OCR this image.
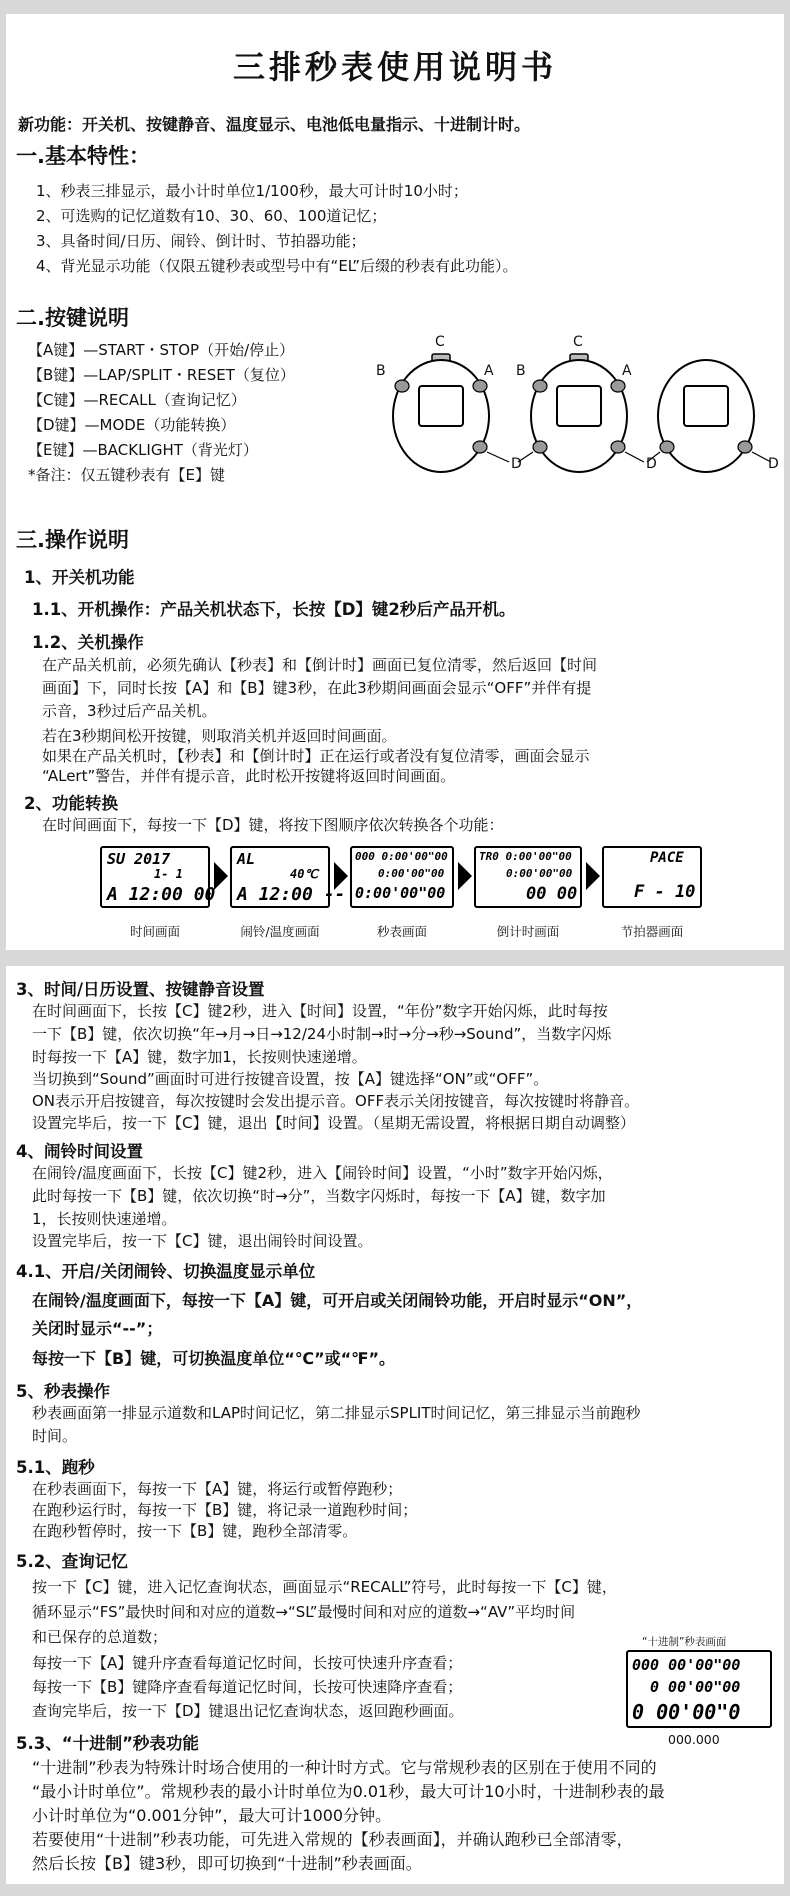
三排秒表使用说明书
新功能：开关机、按键静音、温度显示、电池低电量指示、十进制计时。
一.基本特性：
1、秒表三排显示，最小计时单位1/100秒，最大可计时10小时；
2、可选购的记忆道数有10、30、60、100道记忆；
3、具备时间/日历、闹铃、倒计时、节拍器功能；
4、背光显示功能（仅限五键秒表或型号中有“EL”后缀的秒表有此功能）。
二.按键说明
【A键】—START・STOP（开始/停止）
【B键】—LAP/SPLIT・RESET（复位）
【C键】—RECALL（查询记忆）
【D键】—MODE（功能转换）
【E键】—BACKLIGHT（背光灯）
*备注：仅五键秒表有【E】键
C
B	A
D
C
B	A
D	D
三.操作说明
1、开关机功能
1.1、开机操作：产品关机状态下，长按【D】键2秒后产品开机。
1.2、关机操作
在产品关机前，必须先确认【秒表】和【倒计时】画面已复位清零，然后返回【时间
画面】下，同时长按【A】和【B】键3秒，在此3秒期间画面会显示“OFF”并伴有提
示音，3秒过后产品关机。
若在3秒期间松开按键，则取消关机并返回时间画面。
如果在产品关机时，【秒表】和【倒计时】正在运行或者没有复位清零，画面会显示
“ALert”警告，并伴有提示音，此时松开按键将返回时间画面。
2、功能转换
在时间画面下，每按一下【D】键，将按下图顺序依次转换各个功能：
SU 2017
1- 1
A 12:00 00
AL
40℃
A 12:00 --
000 0:00'00"00
0:00'00"00
0:00'00"00
TR0 0:00'00"00
0:00'00"00
00 00
PACE
F - 10
时间画面	闹铃/温度画面	秒表画面	倒计时画面	节拍器画面
3、时间/日历设置、按键静音设置
在时间画面下，长按【C】键2秒，进入【时间】设置，“年份”数字开始闪烁，此时每按
一下【B】键，依次切换“年→月→日→12/24小时制→时→分→秒→Sound”，当数字闪烁
时每按一下【A】键，数字加1，长按则快速递增。
当切换到“Sound”画面时可进行按键音设置，按【A】键选择“ON”或“OFF”。
ON表示开启按键音，每次按键时会发出提示音。OFF表示关闭按键音，每次按键时将静音。
设置完毕后，按一下【C】键，退出【时间】设置。（星期无需设置，将根据日期自动调整）
4、闹铃时间设置
在闹铃/温度画面下，长按【C】键2秒，进入【闹铃时间】设置，“小时”数字开始闪烁，
此时每按一下【B】键，依次切换“时→分”，当数字闪烁时，每按一下【A】键，数字加
1，长按则快速递增。
设置完毕后，按一下【C】键，退出闹铃时间设置。
4.1、开启/关闭闹铃、切换温度显示单位
在闹铃/温度画面下，每按一下【A】键，可开启或关闭闹铃功能，开启时显示“ON”，
关闭时显示“--”；
每按一下【B】键，可切换温度单位“℃”或“℉”。
5、秒表操作
秒表画面第一排显示道数和LAP时间记忆，第二排显示SPLIT时间记忆，第三排显示当前跑秒
时间。
5.1、跑秒
在秒表画面下，每按一下【A】键，将运行或暂停跑秒；
在跑秒运行时，每按一下【B】键，将记录一道跑秒时间；
在跑秒暂停时，按一下【B】键，跑秒全部清零。
5.2、查询记忆
按一下【C】键，进入记忆查询状态，画面显示“RECALL”符号，此时每按一下【C】键，
循环显示“FS”最快时间和对应的道数→“SL”最慢时间和对应的道数→“AV”平均时间
和已保存的总道数；
每按一下【A】键升序查看每道记忆时间，长按可快速升序查看；
每按一下【B】键降序查看每道记忆时间，长按可快速降序查看；
查询完毕后，按一下【D】键退出记忆查询状态，返回跑秒画面。
“十进制”秒表画面
000 00'00"00
0 00'00"00
0 00'00"0
000.000
5.3、“十进制”秒表功能
“十进制”秒表为特殊计时场合使用的一种计时方式。它与常规秒表的区别在于使用不同的
“最小计时单位”。常规秒表的最小计时单位为0.01秒，最大可计10小时，十进制秒表的最
小计时单位为“0.001分钟”，最大可计1000分钟。
若要使用“十进制”秒表功能，可先进入常规的【秒表画面】，并确认跑秒已全部清零，
然后长按【B】键3秒，即可切换到“十进制”秒表画面。
